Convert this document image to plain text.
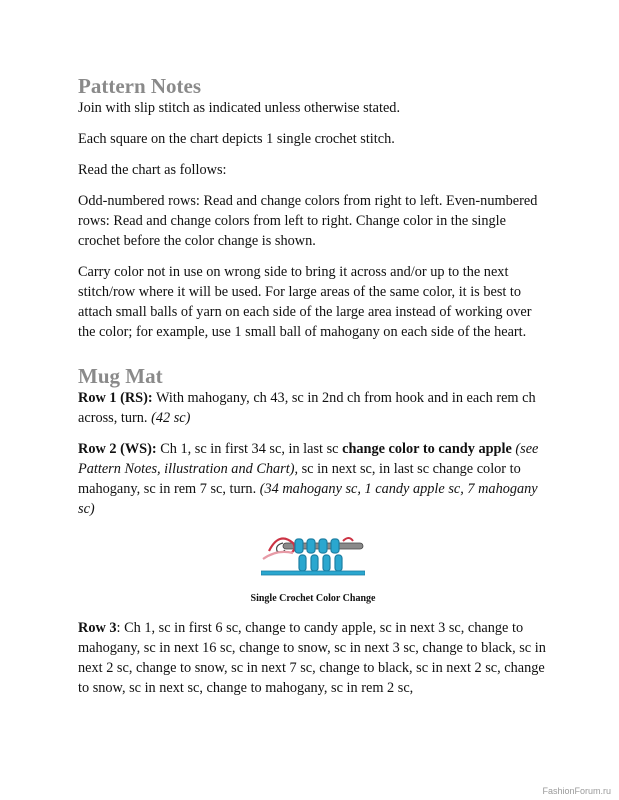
Pattern Notes

Join with slip stitch as indicated unless otherwise stated.

Each square on the chart depicts 1 single crochet stitch.

Read the chart as follows:

Odd-numbered rows: Read and change colors from right to left. Even-numbered rows: Read and change colors from left to right. Change color in the single crochet before the color change is shown.

Carry color not in use on wrong side to bring it across and/or up to the next stitch/row where it will be used. For large areas of the same color, it is best to attach small balls of yarn on each side of the large area instead of working over the color; for example, use 1 small ball of mahogany on each side of the heart.

Mug Mat

Row 1 (RS): With mahogany, ch 43, sc in 2nd ch from hook and in each rem ch across, turn. (42 sc)

Row 2 (WS): Ch 1, sc in first 34 sc, in last sc change color to candy apple (see Pattern Notes, illustration and Chart), sc in next sc, in last sc change color to mahogany, sc in rem 7 sc, turn. (34 mahogany sc, 1 candy apple sc, 7 mahogany sc)

Single Crochet Color Change

Row 3: Ch 1, sc in first 6 sc, change to candy apple, sc in next 3 sc, change to mahogany, sc in next 16 sc, change to snow, sc in next 3 sc, change to black, sc in next 2 sc, change to snow, sc in next 7 sc, change to black, sc in next 2 sc, change to snow, sc in next sc, change to mahogany, sc in rem 2 sc,

FashionForum.ru
